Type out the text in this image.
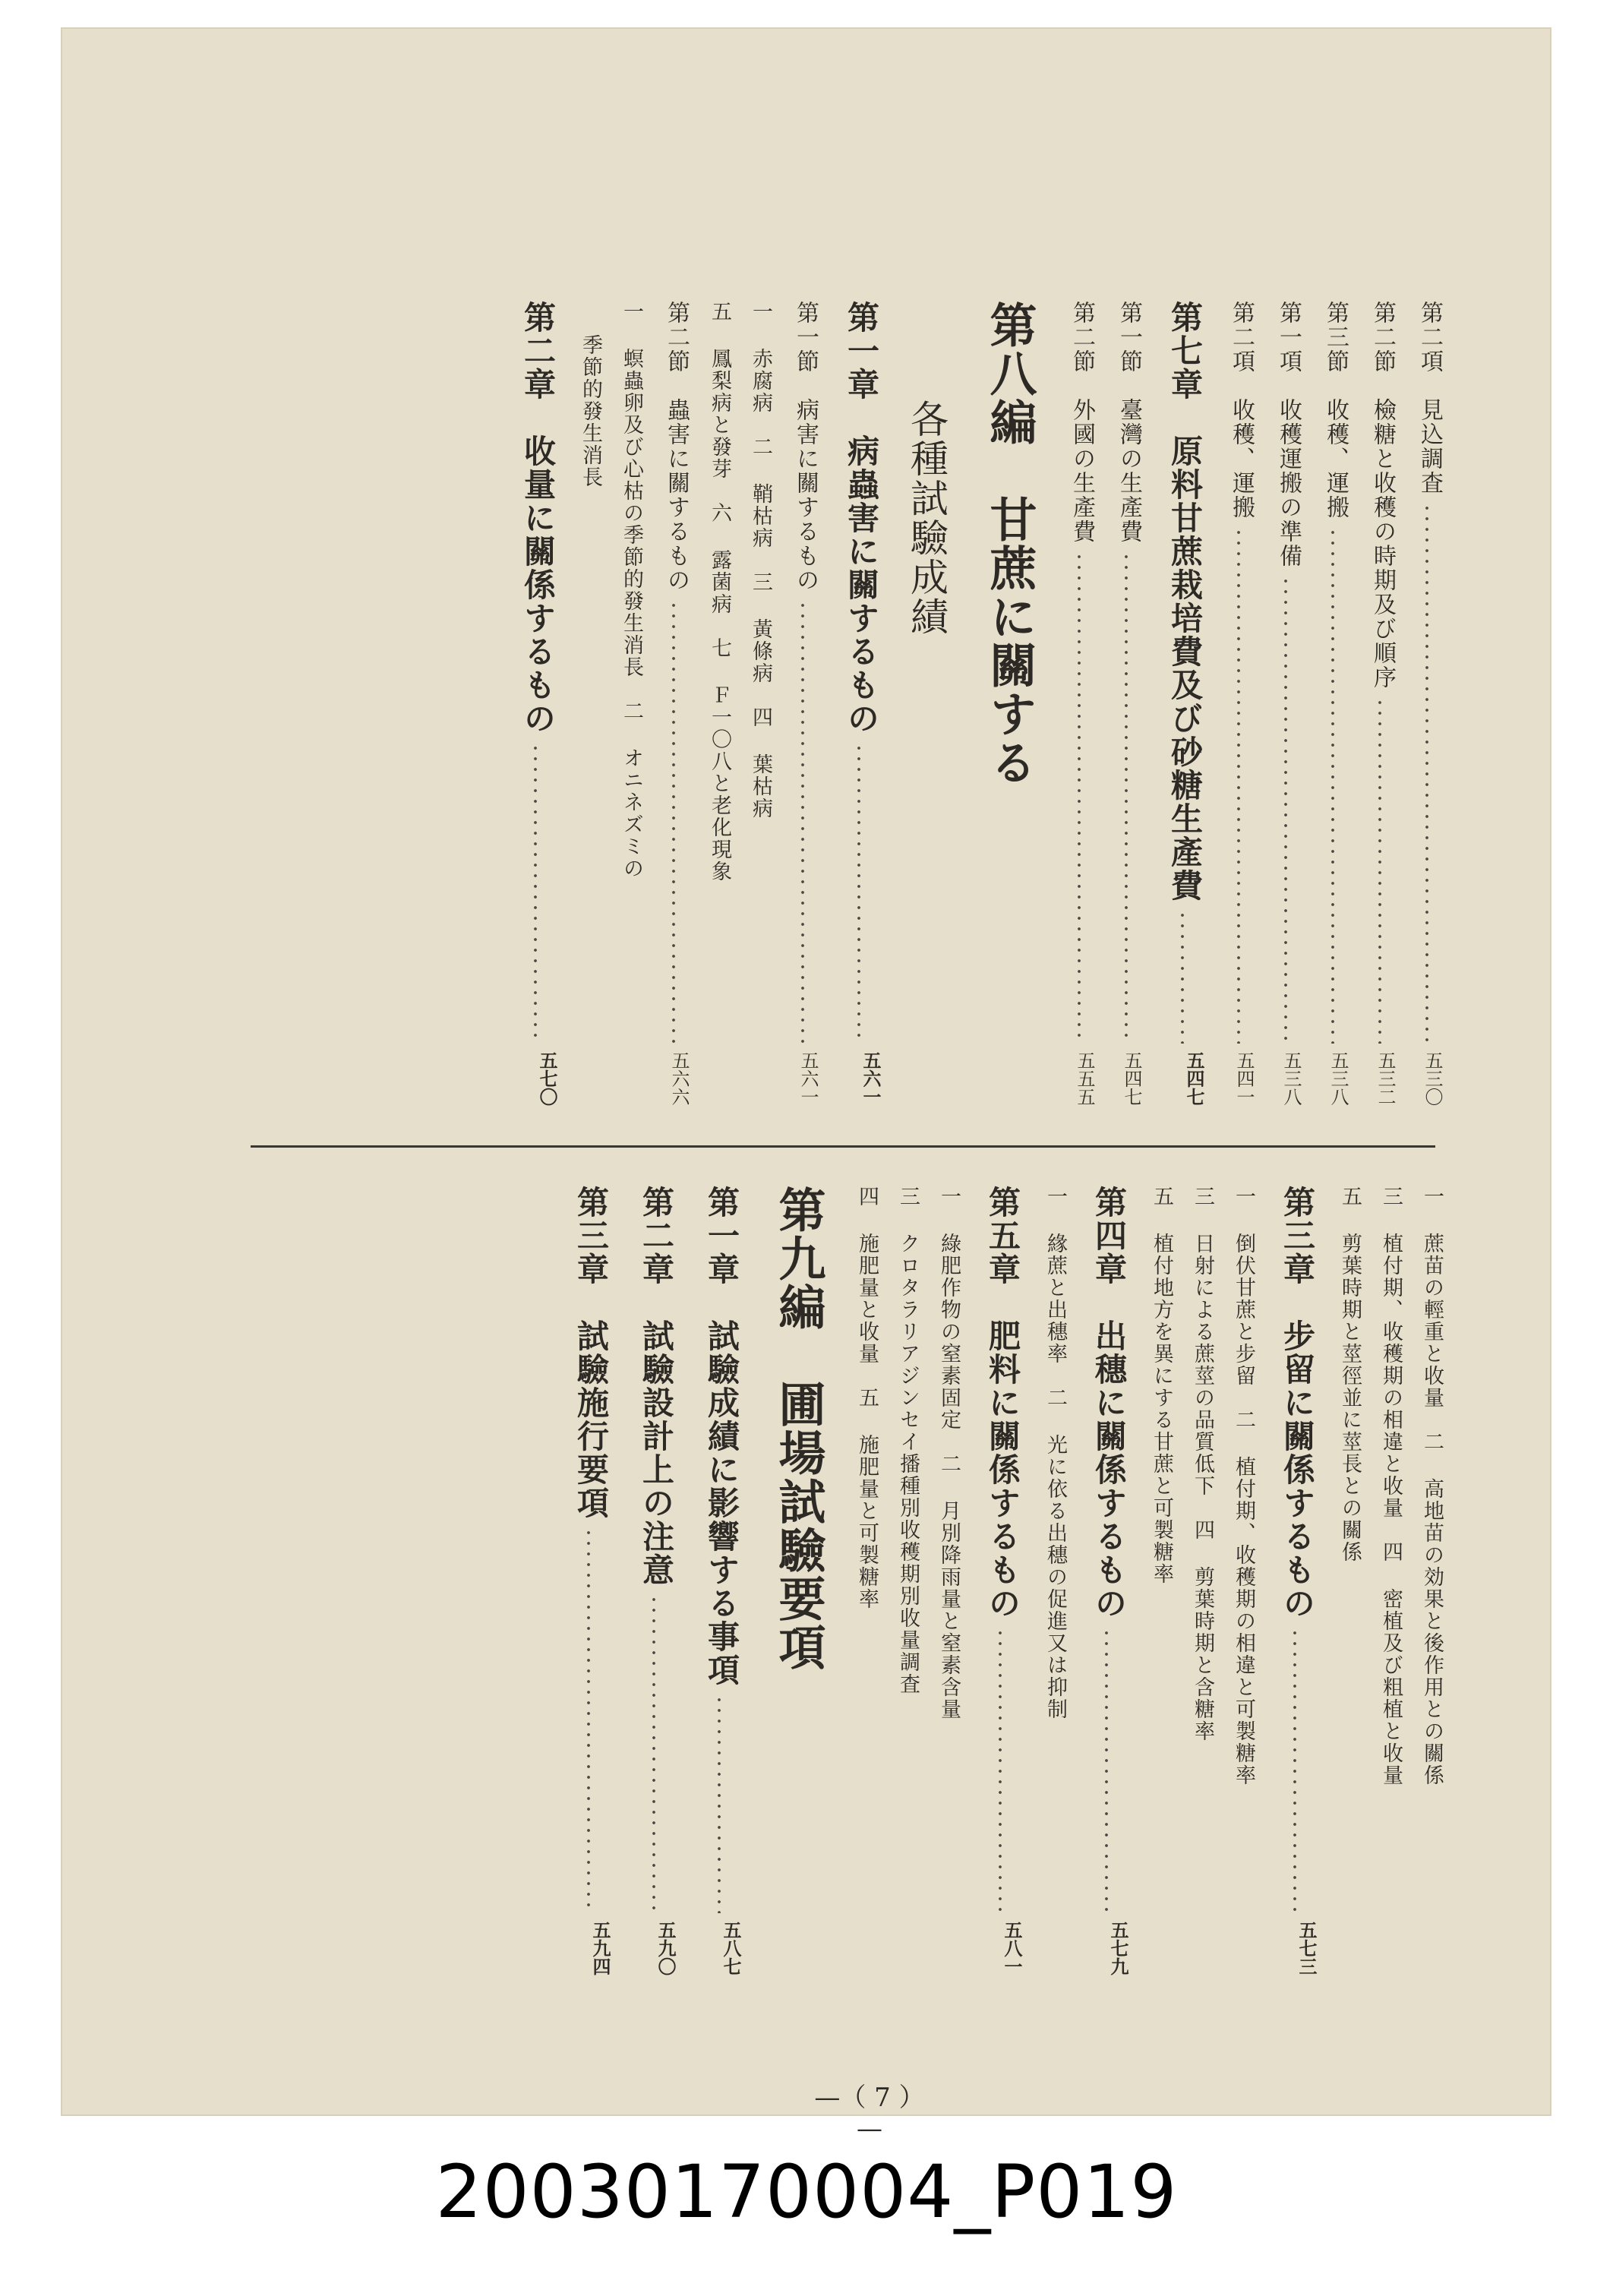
第二項　見込調査
五三〇
第二節　檢糖と收穫の時期及び順序
五三二
第三節　收穫、運搬
五三八
第一項　收穫運搬の準備
五三八
第二項　收穫、運搬
五四一
第七章　原料甘蔗栽培費及び砂糖生產費
五四七
第一節　臺灣の生產費
五四七
第二節　外國の生產費
五五五
第八編　甘蔗に關する
各種試驗成績
第一章　病蟲害に關するもの
五六一
第一節　病害に關するもの
五六一
一 赤腐病　二 鞘枯病　三 黃條病　四 葉枯病
五 鳳梨病と發芽　六 露菌病　七 Ｆ一〇八と老化現象
第二節　蟲害に關するもの
五六六
一 螟蟲卵及び心枯の季節的發生消長　二 オニネズミの
季節的發生消長
第二章　收量に關係するもの
五七〇
一 蔗苗の輕重と收量　二 高地苗の効果と後作用との關係
三 植付期、收穫期の相違と收量　四 密植及び粗植と收量
五 剪葉時期と莖徑並に莖長との關係
第三章　步留に關係するもの
五七三
一 倒伏甘蔗と步留　二 植付期、收穫期の相違と可製糖率
三 日射による蔗莖の品質低下　四 剪葉時期と含糖率
五 植付地方を異にする甘蔗と可製糖率
第四章　出穗に關係するもの
五七九
一 緣蔗と出穗率　二 光に依る出穗の促進又は抑制
第五章　肥料に關係するもの
五八一
一 綠肥作物の窒素固定　二 月別降雨量と窒素含量
三 クロタラリアジンセイ播種別收穫期別收量調査
四 施肥量と收量　五 施肥量と可製糖率
第九編　圃場試驗要項
第一章　試驗成績に影響する事項
五八七
第二章　試驗設計上の注意
五九〇
第三章　試驗施行要項
五九四
—（ 7 ）—
20030170004_P019
